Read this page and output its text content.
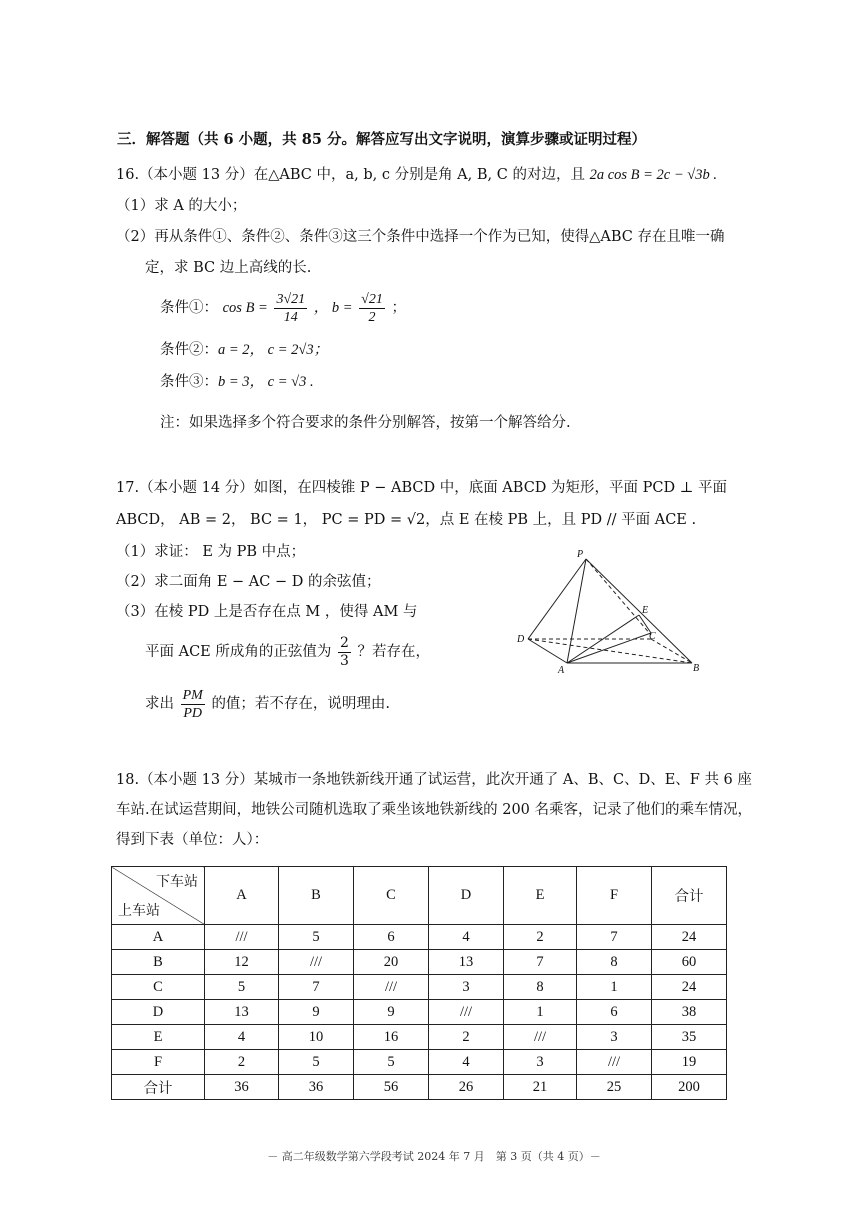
三．解答题（共 6 小题，共 85 分。解答应写出文字说明，演算步骤或证明过程）
16.（本小题 13 分）在△ABC 中，a, b, c 分别是角 A, B, C 的对边，且 2a cos B = 2c − √3b .
（1）求 A 的大小；
（2）再从条件①、条件②、条件③这三个条件中选择一个作为已知，使得△ABC 存在且唯一确
定，求 BC 边上高线的长.
条件①： $\cos B = \frac{3√21}{14}$ ， $b = \frac{√21}{2}$ ；
条件②：a = 2， c = 2√3；
条件③：b = 3， c = √3 .
注：如果选择多个符合要求的条件分别解答，按第一个解答给分.
17.（本小题 14 分）如图，在四棱锥 P − ABCD 中，底面 ABCD 为矩形，平面 PCD ⊥ 平面
ABCD， AB = 2， BC = 1， PC = PD = √2，点 E 在棱 PB 上，且 PD // 平面 ACE .
（1）求证： E 为 PB 中点；
（2）求二面角 E − AC − D 的余弦值；
（3）在棱 PD 上是否存在点 M ，使得 AM 与
平面 ACE 所成角的正弦值为 $\frac{2}{3}$ ？若存在，
求出 $\frac{PM}{PD}$ 的值；若不存在，说明理由.
P
D
A	B
C
E
18.（本小题 13 分）某城市一条地铁新线开通了试运营，此次开通了 A、B、C、D、E、F 共 6 座
车站.在试运营期间，地铁公司随机选取了乘坐该地铁新线的 200 名乘客，记录了他们的乘车情况，
得到下表（单位：人）：
下车站
上车站	A	B	C	D	E	F	合计
A	///	5	6	4	2	7	24
B	12	///	20	13	7	8	60
C	5	7	///	3	8	1	24
D	13	9	9	///	1	6	38
E	4	10	16	2	///	3	35
F	2	5	5	4	3	///	19
合计	36	36	56	26	21	25	200
－ 高二年级数学第六学段考试 2024 年 7 月　第 3 页（共 4 页）－
